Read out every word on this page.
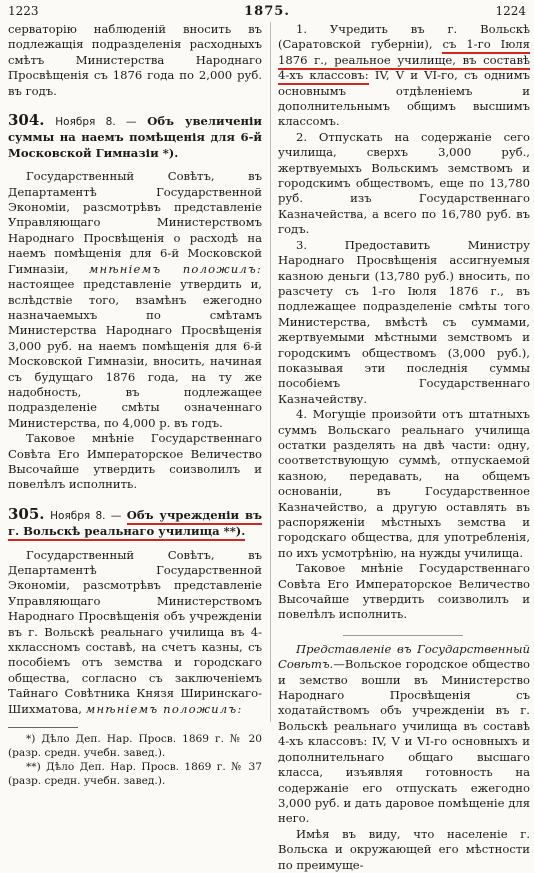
1223	1875.	1224

серваторію наблюденій вносить въ подлежащія подразделенія расходныхъ смѣтъ Министерства Народнаго Просвѣщенія съ 1876 года по 2,000 руб. въ годъ.

304. Ноября 8. — Объ увеличеніи суммы на наемъ помѣщенія для 6-й Московской Гимназіи *).

Государственный Совѣтъ, въ Департаментѣ Государственной Экономіи, разсмотрѣвъ представленіе Управляющаго Министерствомъ Народнаго Просвѣщенія о расходѣ на наемъ помѣщенія для 6-й Московской Гимназіи, мнѣніемъ положилъ: настоящее представленіе утвердить и, вслѣдствіе того, взамѣнъ ежегодно назначаемыхъ по смѣтамъ Министерства Народнаго Просвѣщенія 3,000 руб. на наемъ помѣщенія для 6-й Московской Гимназіи, вносить, начиная съ будущаго 1876 года, на ту же надобность, въ подлежащее подразделеніе смѣты означеннаго Министерства, по 4,000 р. въ годъ.

Таковое мнѣніе Государственнаго Совѣта Его Императорское Величество Высочайше утвердить соизволилъ и повелѣлъ исполнить.

305. Ноября 8. — Объ учрежденіи въ г. Вольскѣ реальнаго училища **).

Государственный Совѣтъ, въ Департаментѣ Государственной Экономіи, разсмотрѣвъ представленіе Управляющаго Министерствомъ Народнаго Просвѣщенія объ учрежденіи въ г. Вольскѣ реальнаго училища въ 4-хклассномъ составѣ, на счетъ казны, съ пособіемъ отъ земства и городскаго общества, согласно съ заключеніемъ Тайнаго Совѣтника Князя Ширинскаго-Шихматова, мнѣніемъ положилъ:

*) Дѣло Деп. Нар. Просв. 1869 г. № 20 (разр. средн. учебн. завед.).

**) Дѣло Деп. Нар. Просв. 1869 г. № 37 (разр. средн. учебн. завед.).

1. Учредить въ г. Вольскѣ (Саратовской губерніи), съ 1-го Іюля 1876 г., реальное училище, въ составѣ 4-хъ классовъ: IV, V и VI-го, съ однимъ основнымъ отдѣленіемъ и дополнительнымъ общимъ высшимъ классомъ.

2. Отпускать на содержаніе сего училища, сверхъ 3,000 руб., жертвуемыхъ Вольскимъ земствомъ и городскимъ обществомъ, еще по 13,780 руб. изъ Государственнаго Казначейства, а всего по 16,780 руб. въ годъ.

3. Предоставить Министру Народнаго Просвѣщенія ассигнуемыя казною деньги (13,780 руб.) вносить, по разсчету съ 1-го Іюля 1876 г., въ подлежащее подразделеніе смѣты того Министерства, вмѣстѣ съ суммами, жертвуемыми мѣстными земствомъ и городскимъ обществомъ (3,000 руб.), показывая эти последнія суммы пособіемъ Государственнаго Казначейству.

4. Могущіе произойти отъ штатныхъ суммъ Вольскаго реальнаго училища остатки разделять на двѣ части: одну, соответствующую суммѣ, отпускаемой казною, передавать, на общемъ основаніи, въ Государственное Казначейство, а другую оставлять въ распоряженіи мѣстныхъ земства и городскаго общества, для употребленія, по ихъ усмотрѣнію, на нужды училища.

Таковое мнѣніе Государственнаго Совѣта Его Императорское Величество Высочайше утвердить соизволилъ и повелѣлъ исполнить.

Представленіе въ Государственный Совѣтъ.—Вольское городское общество и земство вошли въ Министерство Народнаго Просвѣщенія съ ходатайствомъ объ учрежденіи въ г. Вольскѣ реальнаго училища въ составѣ 4-хъ классовъ: IV, V и VI-го основныхъ и дополнительнаго общаго высшаго класса, изъявляя готовность на содержаніе его отпускать ежегодно 3,000 руб. и дать даровое помѣщеніе для него.

Имѣя въ виду, что населеніе г. Вольска и окружающей его мѣстности по преимуще-
